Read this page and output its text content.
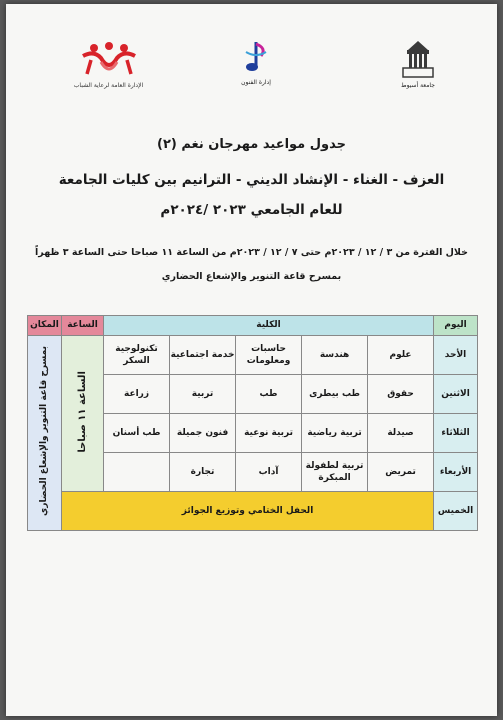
الإدارة العامة لرعاية الشباب	إدارة الفنون	جامعة أسيوط
جدول مواعيد مهرجان نغم (٢)
العزف - الغناء - الإنشاد الديني - الترانيم بين كليات الجامعة
للعام الجامعي ٢٠٢٣ /٢٠٢٤م
خلال الفترة من ٣ / ١٢ / ٢٠٢٣م حتى ٧ / ١٢ / ٢٠٢٣م من الساعة ١١ صباحا حتى الساعة ٣ ظهراً
بمسرح قاعة التنوير والإشعاع الحضاري
اليوم	الكلية					الساعة	المكان
الأحد	علوم	هندسة	حاسبات ومعلومات	خدمة اجتماعية	تكنولوجية السكر	الساعة ١١ صباحا	بمسرح قاعة التنوير والإشعاع الحضاري
الاثنين	حقوق	طب بيطرى	طب	تربية	زراعة		
الثلاثاء	صيدلة	تربية رياضية	تربية نوعية	فنون جميلة	طب أسنان		
الأربعاء	تمريض	تربية لطفولة المبكرة	آداب	تجارة			
الخميس	الحفل الختامي وتوزيع الجوائز						
